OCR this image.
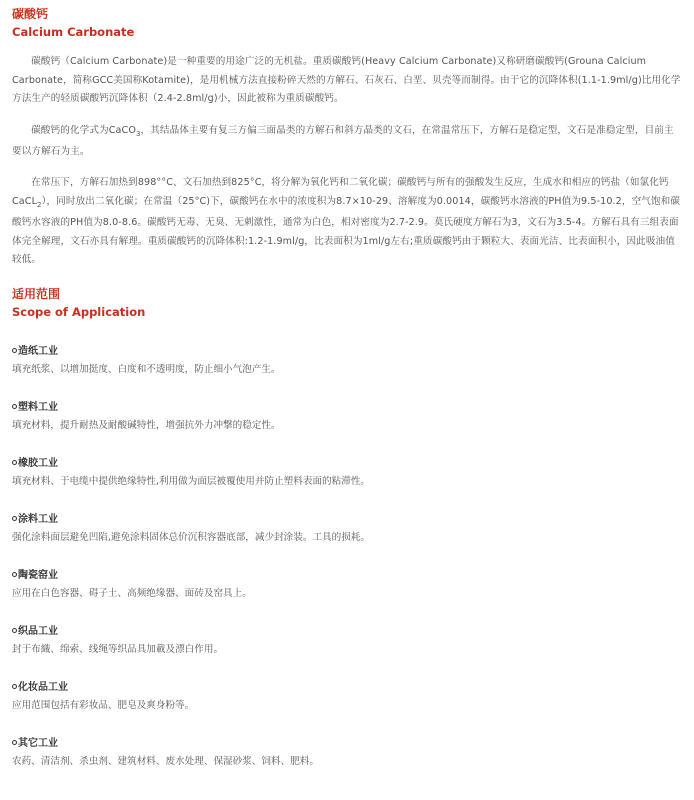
碳酸钙
Calcium Carbonate

碳酸钙（Calcium Carbonate)是一种重要的用途广泛的无机盐。重质碳酸钙(Heavy Calcium Carbonate)又称研磨碳酸钙(Grouna Calcium Carbonate，简称GCC美国称Kotamite)，是用机械方法直接粉碎天然的方解石、石灰石、白垩、贝壳等而制得。由于它的沉降体积(1.1-1.9ml/g)比用化学方法生产的轻质碳酸钙沉降体积（2.4-2.8ml/g)小，因此被称为重质碳酸钙。

碳酸钙的化学式为CaCO$_3$，其结晶体主要有复三方偏三面晶类的方解石和斜方晶类的文石，在常温常压下，方解石是稳定型，文石是准稳定型，目前主要以方解石为主。

在常压下，方解石加热到898°°C、文石加热到825°C，将分解为氧化钙和二氧化碳；碳酸钙与所有的强酸发生反应，生成水和相应的钙盐（如氯化钙CaCL$_2$），同时放出二氧化碳；在常温（25°C)下，碳酸钙在水中的浓度积为8.7×10-29、溶解度为0.0014，碳酸钙水溶液的PH值为9.5-10.2，空气饱和碳酸钙水容液的PH值为8.0-8.6。碳酸钙无毒、无臭、无刺激性，通常为白色，相对密度为2.7-2.9。莫氏硬度方解石为3，文石为3.5-4。方解石具有三组表面体完全解理，文石亦具有解理。重质碳酸钙的沉降体积:1.2-1.9ml/g，比表面积为1ml/g左右;重质碳酸钙由于颗粒大、表面光洁、比表面积小，因此吸油值较低。

适用范围
Scope of Application

造纸工业

填充纸浆、以增加挺度、白度和不透明度，防止细小气泡产生。

塑料工业

填充材料，提升耐热及耐酸碱特性，增强抗外力冲撃的稳定性。

橡胶工业

填充材料、于电缆中提供绝缘特性,利用做为面层被覆使用并防止塑料表面的粘滞性。

涂料工业

强化涂料面层避免凹陷,避免涂料固体总价沉积容器底部，减少封涂装。工具的损耗。

陶瓷窑业

应用在白色容器、碍子土、高频绝缘器、面砖及窑具上。

织品工业

封于布織、绵索、线绳等织品具加載及漂白作用。

化妆品工业

应用范围包括有彩妆品、肥皂及爽身粉等。

其它工业

农药、清洁剂、杀虫剂、建筑材料、废水处理、保湿砂浆、饲料、肥料。
